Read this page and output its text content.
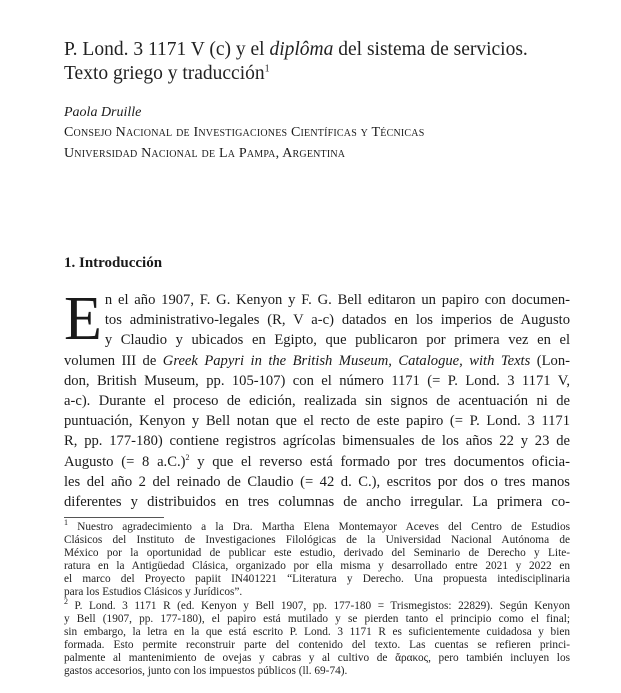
P. Lond. 3 1171 V (c) y el diplôma del sistema de servicios.
Texto griego y traducción$^1$
Paola Druille
Consejo Nacional de Investigaciones Científicas y Técnicas
Universidad Nacional de La Pampa, Argentina
1. Introducción
E n el año 1907, F. G. Kenyon y F. G. Bell editaron un papiro con documen-
tos administrativo-legales (R, V a-c) datados en los imperios de Augusto
y Claudio y ubicados en Egipto, que publicaron por primera vez en el
volumen III de Greek Papyri in the British Museum, Catalogue, with Texts (Lon-
don, British Museum, pp. 105-107) con el número 1171 (= P. Lond. 3 1171 V,
a-c). Durante el proceso de edición, realizada sin signos de acentuación ni de
puntuación, Kenyon y Bell notan que el recto de este papiro (= P. Lond. 3 1171
R, pp. 177-180) contiene registros agrícolas bimensuales de los años 22 y 23 de
Augusto (= 8 a.C.)$^2$ y que el reverso está formado por tres documentos oficia-
les del año 2 del reinado de Claudio (= 42 d. C.), escritos por dos o tres manos
diferentes y distribuidos en tres columnas de ancho irregular. La primera co-
$^1$ Nuestro agradecimiento a la Dra. Martha Elena Montemayor Aceves del Centro de Estudios
Clásicos del Instituto de Investigaciones Filológicas de la Universidad Nacional Autónoma de
México por la oportunidad de publicar este estudio, derivado del Seminario de Derecho y Lite-
ratura en la Antigüedad Clásica, organizado por ella misma y desarrollado entre 2021 y 2022 en
el marco del Proyecto papiit IN401221 “Literatura y Derecho. Una propuesta intedisciplinaria
para los Estudios Clásicos y Jurídicos”.
$^2$ P. Lond. 3 1171 R (ed. Kenyon y Bell 1907, pp. 177-180 = Trismegistos: 22829). Según Kenyon
y Bell (1907, pp. 177-180), el papiro está mutilado y se pierden tanto el principio como el final;
sin embargo, la letra en la que está escrito P. Lond. 3 1171 R es suficientemente cuidadosa y bien
formada. Esto permite reconstruir parte del contenido del texto. Las cuentas se refieren princi-
palmente al mantenimiento de ovejas y cabras y al cultivo de ἄρακος, pero también incluyen los
gastos accesorios, junto con los impuestos públicos (ll. 69-74).
